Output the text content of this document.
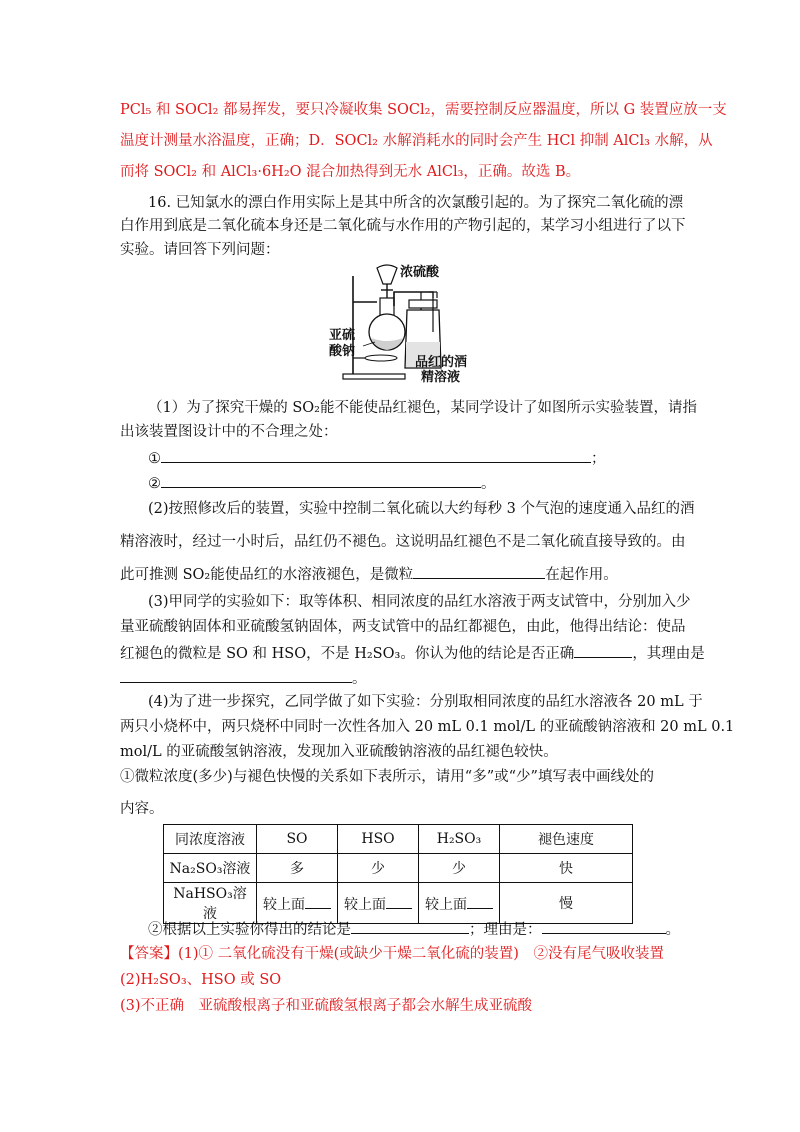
PCl₅ 和 SOCl₂ 都易挥发，要只冷凝收集 SOCl₂，需要控制反应器温度，所以 G 装置应放一支
温度计测量水浴温度，正确；D．SOCl₂ 水解消耗水的同时会产生 HCl 抑制 AlCl₃ 水解，从
而将 SOCl₂ 和 AlCl₃·6H₂O 混合加热得到无水 AlCl₃，正确。故选 B。
16. 已知氯水的漂白作用实际上是其中所含的次氯酸引起的。为了探究二氧化硫的漂
白作用到底是二氧化硫本身还是二氧化硫与水作用的产物引起的，某学习小组进行了以下
实验。请回答下列问题：
浓硫酸
亚硫
酸钠
品红的酒
精溶液
（1）为了探究干燥的 SO₂能不能使品红褪色，某同学设计了如图所示实验装置，请指
出该装置图设计中的不合理之处：
①	；
②	。
(2)按照修改后的装置，实验中控制二氧化硫以大约每秒 3 个气泡的速度通入品红的酒
精溶液时，经过一小时后，品红仍不褪色。这说明品红褪色不是二氧化硫直接导致的。由
此可推测 SO₂能使品红的水溶液褪色，是微粒	在起作用。
(3)甲同学的实验如下：取等体积、相同浓度的品红水溶液于两支试管中，分别加入少
量亚硫酸钠固体和亚硫酸氢钠固体，两支试管中的品红都褪色，由此，他得出结论：使品
红褪色的微粒是 SO 和 HSO，不是 H₂SO₃。你认为他的结论是否正确	，其理由是
。
(4)为了进一步探究，乙同学做了如下实验：分别取相同浓度的品红水溶液各 20 mL 于
两只小烧杯中，两只烧杯中同时一次性各加入 20 mL 0.1 mol/L 的亚硫酸钠溶液和 20 mL 0.1
mol/L 的亚硫酸氢钠溶液，发现加入亚硫酸钠溶液的品红褪色较快。
①微粒浓度(多少)与褪色快慢的关系如下表所示，请用“多”或“少”填写表中画线处的
内容。
同浓度溶液	SO	HSO	H₂SO₃	褪色速度
Na₂SO₃溶液	多	少	少	快
NaHSO₃溶液	较上面	较上面	较上面	慢
②根据以上实验你得出的结论是	；理由是：	。
【答案】(1)① 二氧化硫没有干燥(或缺少干燥二氧化硫的装置)　②没有尾气吸收装置
(2)H₂SO₃、HSO 或 SO
(3)不正确　亚硫酸根离子和亚硫酸氢根离子都会水解生成亚硫酸
